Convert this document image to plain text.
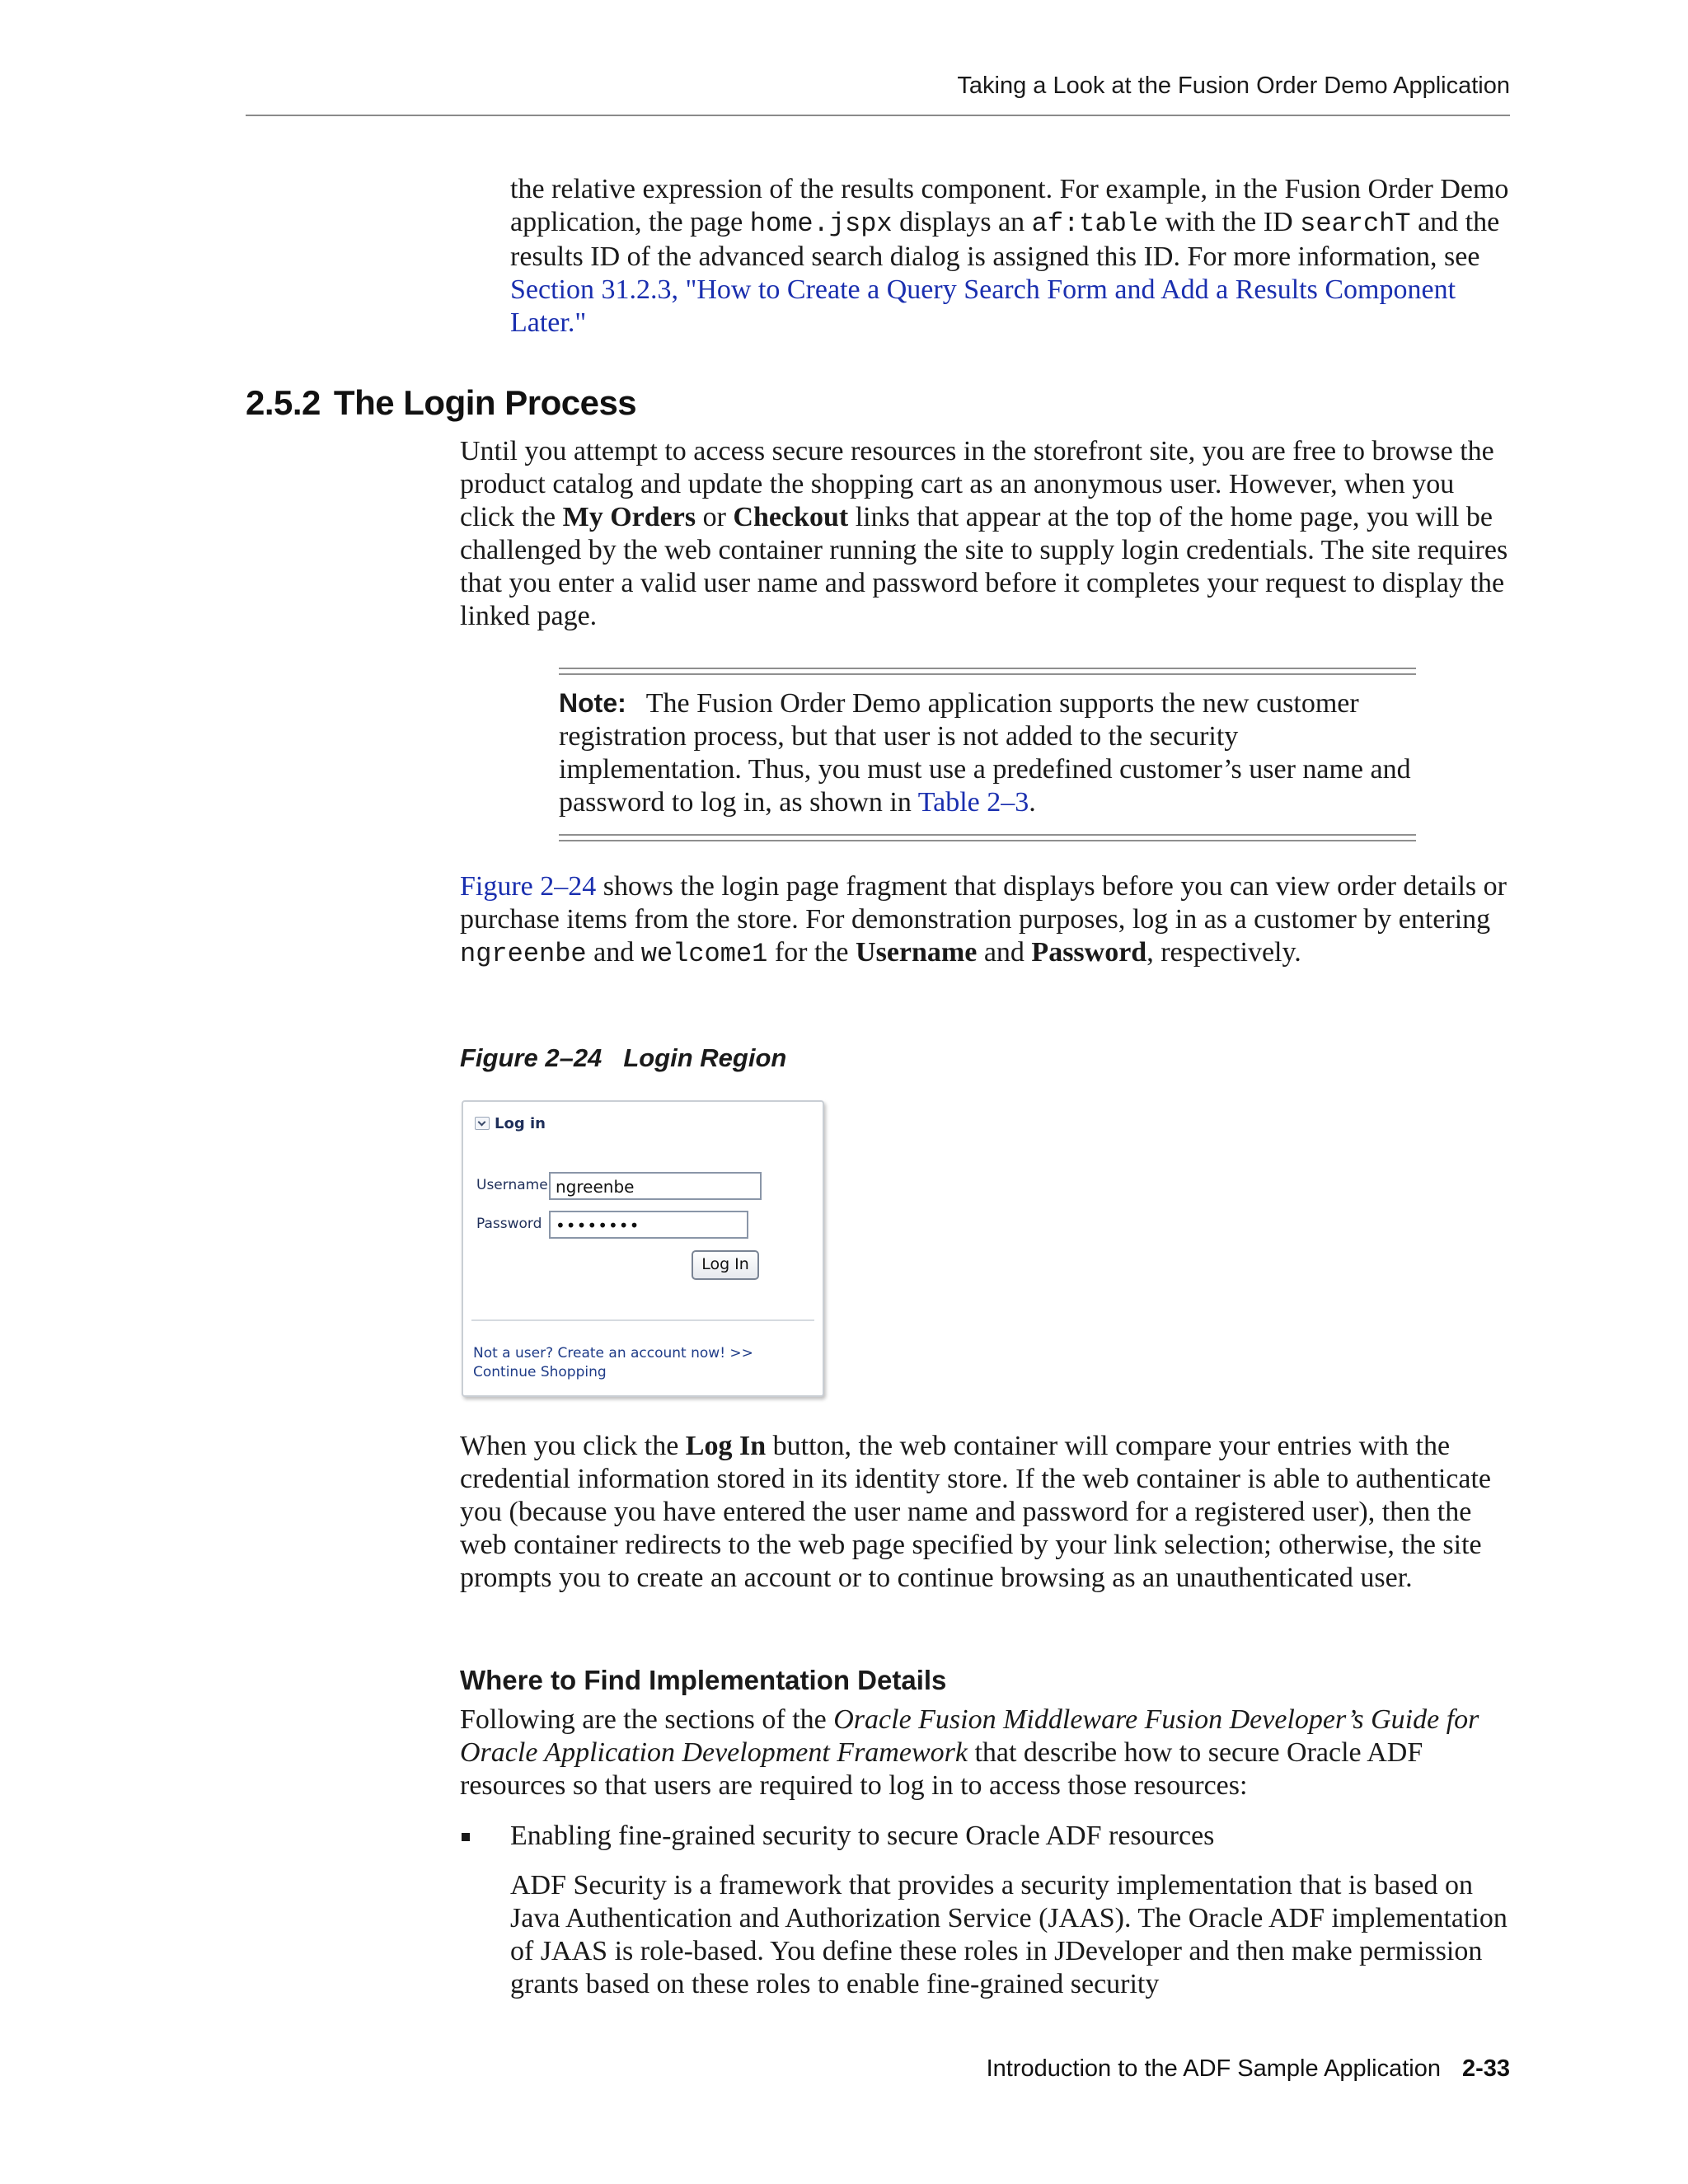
Taking a Look at the Fusion Order Demo Application

the relative expression of the results component. For example, in the Fusion Order Demo application, the page home.jspx displays an af:table with the ID searchT and the results ID of the advanced search dialog is assigned this ID. For more information, see Section 31.2.3, "How to Create a Query Search Form and Add a Results Component Later."

2.5.2 The Login Process

Until you attempt to access secure resources in the storefront site, you are free to browse the product catalog and update the shopping cart as an anonymous user. However, when you click the My Orders or Checkout links that appear at the top of the home page, you will be challenged by the web container running the site to supply login credentials. The site requires that you enter a valid user name and password before it completes your request to display the linked page.

Note: The Fusion Order Demo application supports the new customer registration process, but that user is not added to the security implementation. Thus, you must use a predefined customer’s user name and password to log in, as shown in Table 2–3.

Figure 2–24 shows the login page fragment that displays before you can view order details or purchase items from the store. For demonstration purposes, log in as a customer by entering ngreenbe and welcome1 for the Username and Password, respectively.

Figure 2–24 Login Region

Log in
Username ngreenbe
Password ••••••••
Log In
Not a user? Create an account now! >> Continue Shopping

When you click the Log In button, the web container will compare your entries with the credential information stored in its identity store. If the web container is able to authenticate you (because you have entered the user name and password for a registered user), then the web container redirects to the web page specified by your link selection; otherwise, the site prompts you to create an account or to continue browsing as an unauthenticated user.

Where to Find Implementation Details

Following are the sections of the Oracle Fusion Middleware Fusion Developer’s Guide for Oracle Application Development Framework that describe how to secure Oracle ADF resources so that users are required to log in to access those resources:

Enabling fine-grained security to secure Oracle ADF resources

ADF Security is a framework that provides a security implementation that is based on Java Authentication and Authorization Service (JAAS). The Oracle ADF implementation of JAAS is role-based. You define these roles in JDeveloper and then make permission grants based on these roles to enable fine-grained security

Introduction to the ADF Sample Application 2-33
